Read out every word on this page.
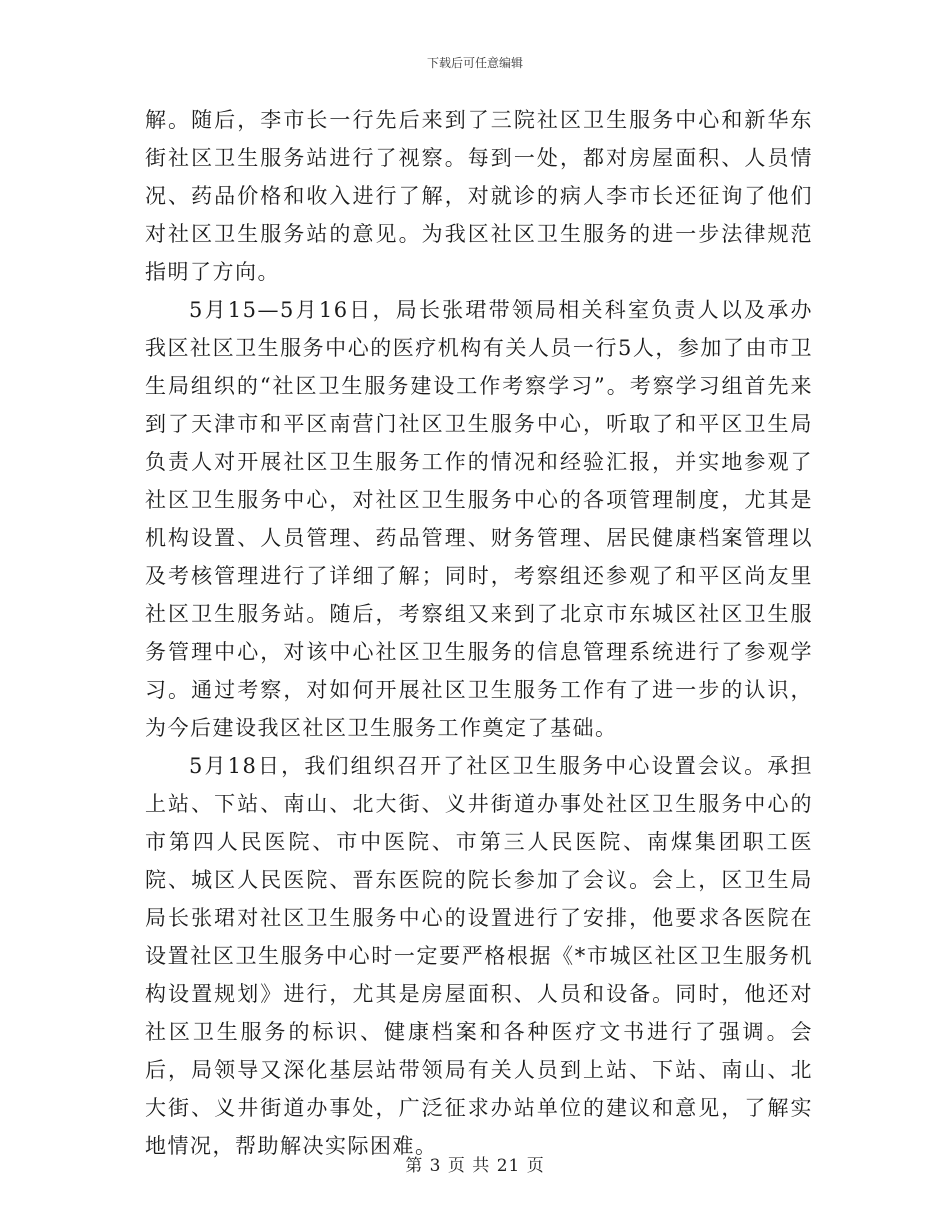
下载后可任意编辑

解。随后，李市长一行先后来到了三院社区卫生服务中心和新华东街社区卫生服务站进行了视察。每到一处，都对房屋面积、人员情况、药品价格和收入进行了解，对就诊的病人李市长还征询了他们对社区卫生服务站的意见。为我区社区卫生服务的进一步法律规范指明了方向。

5月15—5月16日，局长张珺带领局相关科室负责人以及承办我区社区卫生服务中心的医疗机构有关人员一行5人，参加了由市卫生局组织的“社区卫生服务建设工作考察学习”。考察学习组首先来到了天津市和平区南营门社区卫生服务中心，听取了和平区卫生局负责人对开展社区卫生服务工作的情况和经验汇报，并实地参观了社区卫生服务中心，对社区卫生服务中心的各项管理制度，尤其是机构设置、人员管理、药品管理、财务管理、居民健康档案管理以及考核管理进行了详细了解；同时，考察组还参观了和平区尚友里社区卫生服务站。随后，考察组又来到了北京市东城区社区卫生服务管理中心，对该中心社区卫生服务的信息管理系统进行了参观学习。通过考察，对如何开展社区卫生服务工作有了进一步的认识，为今后建设我区社区卫生服务工作奠定了基础。

5月18日，我们组织召开了社区卫生服务中心设置会议。承担上站、下站、南山、北大街、义井街道办事处社区卫生服务中心的市第四人民医院、市中医院、市第三人民医院、南煤集团职工医院、城区人民医院、晋东医院的院长参加了会议。会上，区卫生局局长张珺对社区卫生服务中心的设置进行了安排，他要求各医院在设置社区卫生服务中心时一定要严格根据《*市城区社区卫生服务机构设置规划》进行，尤其是房屋面积、人员和设备。同时，他还对社区卫生服务的标识、健康档案和各种医疗文书进行了强调。会后，局领导又深化基层站带领局有关人员到上站、下站、南山、北大街、义井街道办事处，广泛征求办站单位的建议和意见，了解实地情况，帮助解决实际困难。

第 3 页 共 21 页
